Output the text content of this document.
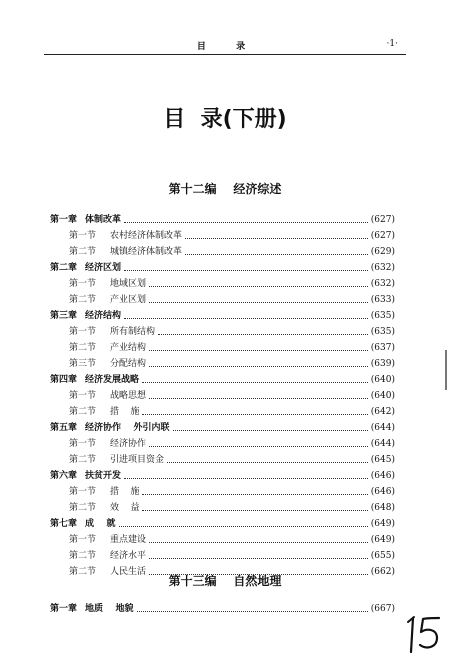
目  录	·1·
目  录(下册)
第十二编    经济综述
第一章 体制改革	(627)
第一节 农村经济体制改革	(627)
第二节 城镇经济体制改革	(629)
第二章 经济区划	(632)
第一节 地域区划	(632)
第二节 产业区划	(633)
第三章 经济结构	(635)
第一节 所有制结构	(635)
第二节 产业结构	(637)
第三节 分配结构	(639)
第四章 经济发展战略	(640)
第一节 战略思想	(640)
第二节 措    施	(642)
第五章 经济协作    外引内联	(644)
第一节 经济协作	(644)
第二节 引进项目资金	(645)
第六章 扶贫开发	(646)
第一节 措    施	(646)
第二节 效    益	(648)
第七章 成    就	(649)
第一节 重点建设	(649)
第二节 经济水平	(655)
第二节 人民生活	(662)
第十三编    自然地理
第一章 地质    地貌	(667)
